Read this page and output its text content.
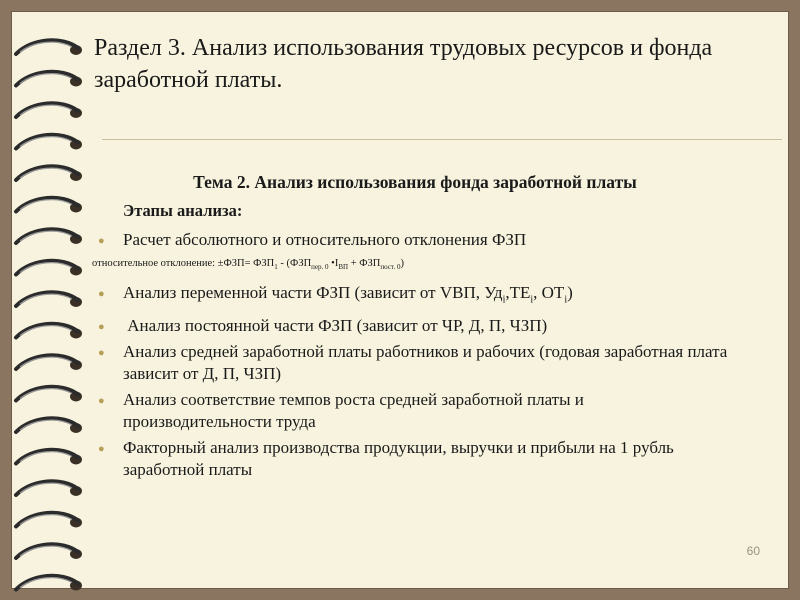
Раздел 3. Анализ использования трудовых ресурсов и фонда заработной платы.
Тема 2. Анализ использования фонда заработной платы
Этапы анализа:
● Расчет абсолютного и относительного отклонения ФЗП
относительное отклонение: $\pm ФЗП= ФЗП_1 - (ФЗП_{пер. 0}$ $•I_{ВП} + ФЗП_{пост. 0}$)
● Анализ переменной части ФЗП (зависит от VВП, $Уд_i,ТЕ_i$, $ОТ_i$)
● Анализ постоянной части ФЗП (зависит от ЧР, Д, П, ЧЗП)
● Анализ средней заработной платы работников и рабочих (годовая заработная плата зависит от Д, П, ЧЗП)
● Анализ соответствие темпов роста средней заработной платы и производительности труда
● Факторный анализ производства продукции, выручки и прибыли на 1 рубль заработной платы
60
